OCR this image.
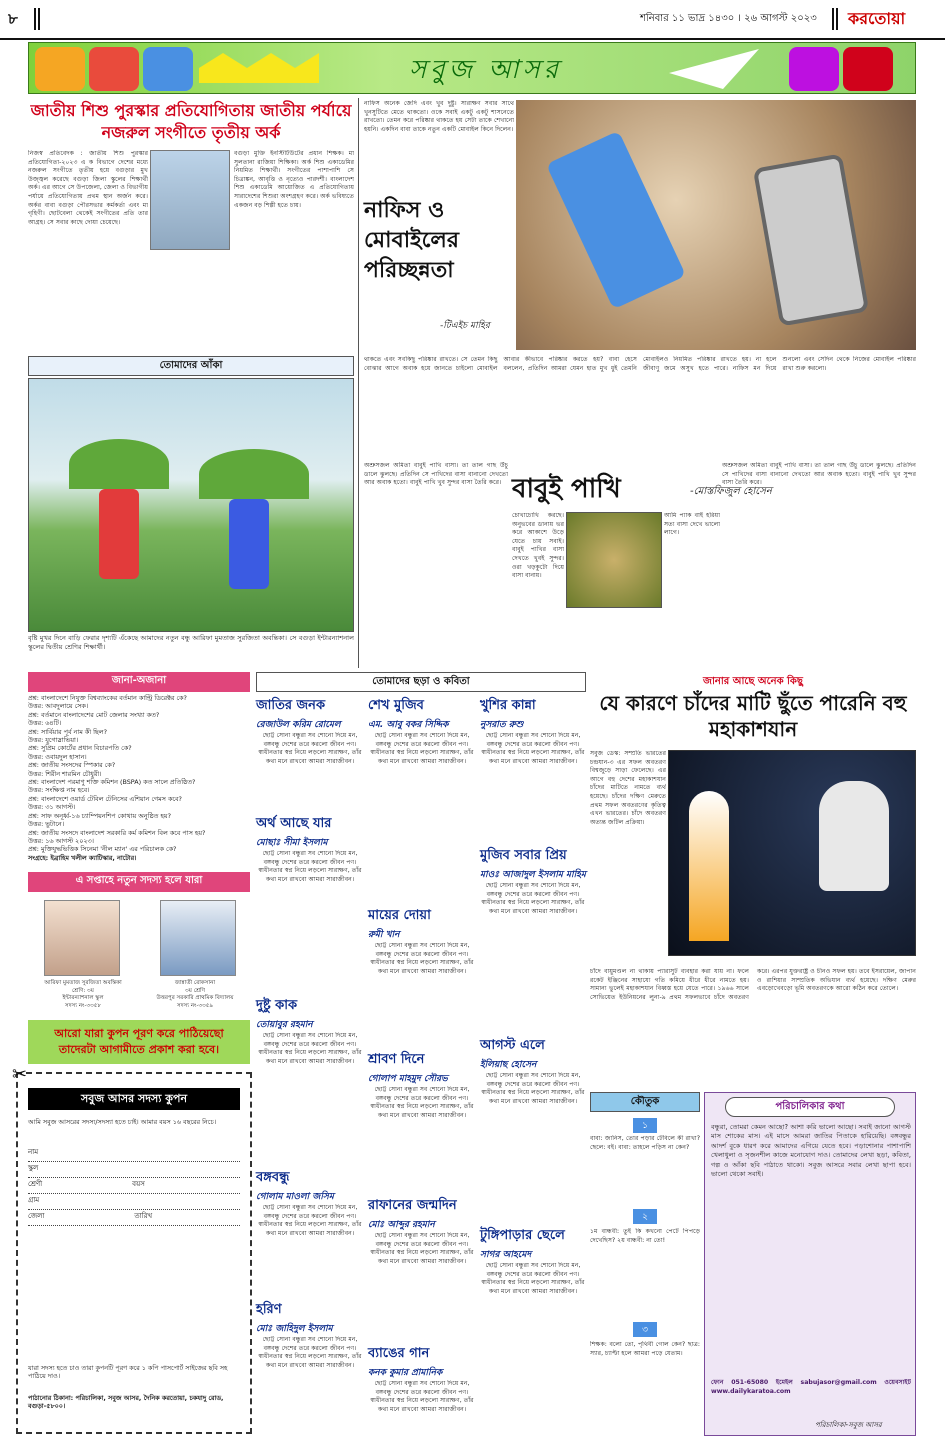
৮	শনিবার ১১ ভাদ্র ১৪৩০ । ২৬ আগস্ট ২০২৩ করতোয়া
সবুজ আসর
জাতীয় শিশু পুরস্কার প্রতিযোগিতায় জাতীয় পর্যায়ে নজরুল সংগীতে তৃতীয় অর্ক
নিজস্ব প্রতিবেদক : জাতীয় শিশু পুরস্কার প্রতিযোগিতা-২০২৩ এ ক বিভাগে দেশের মধ্যে নজরুল সংগীতে তৃতীয় হয়ে বগুড়ার মুখ উজ্জ্বল করেছে বগুড়া জিলা স্কুলের শিক্ষার্থী অর্ক। এর আগে সে উপজেলা, জেলা ও বিভাগীয় পর্যায়ে প্রতিযোগিতায় প্রথম স্থান অর্জন করে। অর্কর বাবা বগুড়া পৌরসভার কর্মকর্তা এবং মা গৃহিণী। ছোটবেলা থেকেই সংগীতের প্রতি তার আগ্রহ। সে সবার কাছে দোয়া চেয়েছে।
বগুড়া মুক্তি ইনস্টিটিউটের প্রধান শিক্ষক। মা সুলতানা রাজিয়া শিক্ষিকা। অর্ক শিশু একাডেমির নিয়মিত শিক্ষার্থী। সংগীতের পাশাপাশি সে চিত্রাঙ্কন, আবৃত্তি ও নৃত্যেও পারদর্শী। বাংলাদেশ শিশু একাডেমি আয়োজিত এ প্রতিযোগিতায় সারাদেশের শিশুরা অংশগ্রহণ করে। অর্ক ভবিষ্যতে একজন বড় শিল্পী হতে চায়।
নাফিস অনেক জেদি এবং খুব দুষ্টু। সারাক্ষণ সবার সাথে খুনসুটিতে মেতে থাকতো। ওকে সবাই একটু একটু শাসনেতে রাখতো। তেমন করে পরিষ্কার থাকতে হয় সেটা তাকে শেখানো হয়নি। একদিন বাবা তাকে নতুন একটি মোবাইল কিনে দিলেন।
নাফিস ও মোবাইলের পরিচ্ছন্নতা
-টিএইচ মাহির
থাকতে এবং সবকিছু পরিষ্কার রাখতে। সে তেমন কিছু বোঝার আগে অবাক হয়ে জানতে চাইলো মোবাইল আবার কীভাবে পরিষ্কার করতে হয়? বাবা হেসে বললেন, প্রতিদিন আমরা যেমন হাত মুখ ধুই তেমনি মোবাইলও নিয়মিত পরিষ্কার রাখতে হয়। না হলে জীবাণু জমে অসুখ হতে পারে। নাফিস মন দিয়ে শুনলো এবং সেদিন থেকে নিজের মোবাইল পরিষ্কার রাখা শুরু করলো।
তোমাদের আঁকা
বৃষ্টি মুখর দিনে বাড়ি ফেরার দৃশ্যটি এঁকেছে আমাদের নতুন বন্ধু আরিফা মুমতাজ সুরজিতা অবন্তিকা। সে বগুড়া ইন্টারন্যাশনাল স্কুলের দ্বিতীয় শ্রেণির শিক্ষার্থী।
অশ্রুসজল অমিতা বাবুই পাখি বাসা। তা তাল গাছ উঁচু ডালে ঝুলছে। প্রতিদিন সে পাখিদের বাসা বানানো দেখতো আর অবাক হতো। বাবুই পাখি খুব সুন্দর বাসা তৈরি করে। বাবুই পাখি	-মোস্তফিজুল হোসেন
চোখাচোখি করছে। অনুভবের ডানায় ভর করে আকাশে উড়ে যেতে চায় সবাই। বাবুই পাখির বাসা দেখতে খুবই সুন্দর। ওরা খড়কুটো দিয়ে বাসা বানায়।
আমি প্যাক বাই হরিয়া সত্য বাসা দেখে ভালো লাগে।
অশ্রুসজল অমিতা বাবুই পাখি বাসা। তা তাল গাছ উঁচু ডালে ঝুলছে। প্রতিদিন সে পাখিদের বাসা বানানো দেখতো আর অবাক হতো। বাবুই পাখি খুব সুন্দর বাসা তৈরি করে।
জানা-অজানা
প্রশ্ন: বাংলাদেশে নিযুক্ত বিশ্বব্যাংকের বর্তমান কান্ট্রি ডিরেক্টর কে?
উত্তর: আবদুলায়ে সেক।
প্রশ্ন: বর্তমানে বাংলাদেশের মোট জেলার সংখ্যা কত?
উত্তর: ৬৪টি।
প্রশ্ন: সার্বিয়ার পূর্ব নাম কী ছিল?
উত্তর: যুগোস্লাভিয়া।
প্রশ্ন: সুপ্রিম কোর্টের প্রধান বিচারপতি কে?
উত্তর: ওবায়দুল হাসান।
প্রশ্ন: জাতীয় সংসদের স্পিকার কে?
উত্তর: শিরীন শারমিন চৌধুরী।
প্রশ্ন: বাংলাদেশ পরমাণু শক্তি কমিশন (BSPA) কত সালে প্রতিষ্ঠিত?
উত্তর: সংক্ষিপ্ত নাম হবে।
প্রশ্ন: বাংলাদেশে ওয়ার্ড টেবিল টেনিসের এশিয়ান গেমস কবে?
উত্তর: ৩১ আগস্ট।
প্রশ্ন: সাফ অনূর্ধ্ব-১৬ চ্যাম্পিয়নশিপ কোথায় অনুষ্ঠিত হয়?
উত্তর: ভুটানে।
প্রশ্ন: জাতীয় সংসদে বাংলাদেশ সরকারি কর্ম কমিশন বিল কবে পাস হয়?
উত্তর: ১৬ আগস্ট ২০২৩।
প্রশ্ন: মুক্তিযুদ্ধভিত্তিক সিনেমা 'নীল ম্যান' এর পরিচালক কে?
সংগ্রহে: ইব্রাহিম খলীল ক্যাটিস্কার, নাটোর।
এ সপ্তাহে নতুন সদস্য হলে যারা
আরিফা মুমতাজ সুরজিতা অবন্তিকা
শ্রেণি: ৩য়
ইন্টারন্যাশনাল স্কুল
সদস্য নং-৩৩৫৮
জান্নাতী রোকসানা
৩য় শ্রেণি
উত্তরপুর সরকারি প্রাথমিক বিদ্যালয়
সদস্য নং-৩৩৫৯
আরো যারা কুপন পূরণ করে পাঠিয়েছো তাদেরটা আগামীতে প্রকাশ করা হবে।
✂
সবুজ আসর সদস্য কুপন
আমি সবুজ আসরের সদস্য/সদস্যা হতে চাই। আমার বয়স ১৬ বছরের নিচে।
নাম
স্কুল
শ্রেণী	বয়স
গ্রাম
জেলা	তারিখ
যারা সদস্য হতে চাও তারা কুপনটি পূরণ করে ১ কপি পাসপোর্ট সাইজের ছবি সহ পাঠিয়ে দাও।
পাঠানোর ঠিকানা: পরিচালিকা, সবুজ আসর, দৈনিক করতোয়া, চকযাদু রোড, বগুড়া-৫৮০০।
তোমাদের ছড়া ও কবিতা
জাতির জনক
রেজাউল করিম রোমেল
ছোট্ট সোনা বন্ধুরা সব শোনো দিয়ে মন, বঙ্গবন্ধু দেশের তরে করলো জীবন পণ। স্বাধীনতার স্বপ্ন নিয়ে লড়লো সারাক্ষণ, তাঁর কথা মনে রাখবো আমরা সারাজীবন।
শেখ মুজিব
এম. আবু বকর সিদ্দিক
ছোট্ট সোনা বন্ধুরা সব শোনো দিয়ে মন, বঙ্গবন্ধু দেশের তরে করলো জীবন পণ। স্বাধীনতার স্বপ্ন নিয়ে লড়লো সারাক্ষণ, তাঁর কথা মনে রাখবো আমরা সারাজীবন।
খুশির কান্না
নুসরাত রুশু
ছোট্ট সোনা বন্ধুরা সব শোনো দিয়ে মন, বঙ্গবন্ধু দেশের তরে করলো জীবন পণ। স্বাধীনতার স্বপ্ন নিয়ে লড়লো সারাক্ষণ, তাঁর কথা মনে রাখবো আমরা সারাজীবন।
অর্থ আছে যার
মোছাঃ সীমা ইসলাম
ছোট্ট সোনা বন্ধুরা সব শোনো দিয়ে মন, বঙ্গবন্ধু দেশের তরে করলো জীবন পণ। স্বাধীনতার স্বপ্ন নিয়ে লড়লো সারাক্ষণ, তাঁর কথা মনে রাখবো আমরা সারাজীবন।
মায়ের দোয়া
রুমী খান
ছোট্ট সোনা বন্ধুরা সব শোনো দিয়ে মন, বঙ্গবন্ধু দেশের তরে করলো জীবন পণ। স্বাধীনতার স্বপ্ন নিয়ে লড়লো সারাক্ষণ, তাঁর কথা মনে রাখবো আমরা সারাজীবন।
মুজিব সবার প্রিয়
মাওঃ আজাদুল ইসলাম মাহিম
ছোট্ট সোনা বন্ধুরা সব শোনো দিয়ে মন, বঙ্গবন্ধু দেশের তরে করলো জীবন পণ। স্বাধীনতার স্বপ্ন নিয়ে লড়লো সারাক্ষণ, তাঁর কথা মনে রাখবো আমরা সারাজীবন।
দুষ্টু কাক
তোয়াবুর রহমান
ছোট্ট সোনা বন্ধুরা সব শোনো দিয়ে মন, বঙ্গবন্ধু দেশের তরে করলো জীবন পণ। স্বাধীনতার স্বপ্ন নিয়ে লড়লো সারাক্ষণ, তাঁর কথা মনে রাখবো আমরা সারাজীবন।	শ্রাবণ দিনে
গোলাপ মাহমুদ সৌরভ
ছোট্ট সোনা বন্ধুরা সব শোনো দিয়ে মন, বঙ্গবন্ধু দেশের তরে করলো জীবন পণ। স্বাধীনতার স্বপ্ন নিয়ে লড়লো সারাক্ষণ, তাঁর কথা মনে রাখবো আমরা সারাজীবন।
আগস্ট এলে
ইলিয়াছ হোসেন
ছোট্ট সোনা বন্ধুরা সব শোনো দিয়ে মন, বঙ্গবন্ধু দেশের তরে করলো জীবন পণ। স্বাধীনতার স্বপ্ন নিয়ে লড়লো সারাক্ষণ, তাঁর কথা মনে রাখবো আমরা সারাজীবন।
বঙ্গবন্ধু
গোলাম মাওলা জসিম
ছোট্ট সোনা বন্ধুরা সব শোনো দিয়ে মন, বঙ্গবন্ধু দেশের তরে করলো জীবন পণ। স্বাধীনতার স্বপ্ন নিয়ে লড়লো সারাক্ষণ, তাঁর কথা মনে রাখবো আমরা সারাজীবন।
রাফানের জন্মদিন
মোঃ আব্দুর রহমান
ছোট্ট সোনা বন্ধুরা সব শোনো দিয়ে মন, বঙ্গবন্ধু দেশের তরে করলো জীবন পণ। স্বাধীনতার স্বপ্ন নিয়ে লড়লো সারাক্ষণ, তাঁর কথা মনে রাখবো আমরা সারাজীবন।
টুঙ্গিপাড়ার ছেলে
সাগর আহমেদ
ছোট্ট সোনা বন্ধুরা সব শোনো দিয়ে মন, বঙ্গবন্ধু দেশের তরে করলো জীবন পণ। স্বাধীনতার স্বপ্ন নিয়ে লড়লো সারাক্ষণ, তাঁর কথা মনে রাখবো আমরা সারাজীবন।
হরিণ
মোঃ জাহিদুল ইসলাম
ছোট্ট সোনা বন্ধুরা সব শোনো দিয়ে মন, বঙ্গবন্ধু দেশের তরে করলো জীবন পণ। স্বাধীনতার স্বপ্ন নিয়ে লড়লো সারাক্ষণ, তাঁর কথা মনে রাখবো আমরা সারাজীবন।
ব্যাঙের গান
কনক কুমার প্রামানিক
ছোট্ট সোনা বন্ধুরা সব শোনো দিয়ে মন, বঙ্গবন্ধু দেশের তরে করলো জীবন পণ। স্বাধীনতার স্বপ্ন নিয়ে লড়লো সারাক্ষণ, তাঁর কথা মনে রাখবো আমরা সারাজীবন।
জানার আছে অনেক কিছু
যে কারণে চাঁদের মাটি ছুঁতে পারেনি বহু মহাকাশযান
সবুজ ডেস্ক: সম্প্রতি ভারতের চন্দ্রযান-৩ এর সফল অবতরণ বিশ্বজুড়ে সাড়া ফেলেছে। এর আগে বহু দেশের মহাকাশযান চাঁদের মাটিতে নামতে ব্যর্থ হয়েছে। চাঁদের দক্ষিণ মেরুতে প্রথম সফল অবতরণের কৃতিত্ব এখন ভারতের। চাঁদে অবতরণ অত্যন্ত জটিল প্রক্রিয়া।
চাঁদে বায়ুমণ্ডল না থাকায় প্যারাসুট ব্যবহার করা যায় না। ফলে রকেট ইঞ্জিনের সাহায্যে গতি কমিয়ে ধীরে ধীরে নামতে হয়। সামান্য ভুলেই মহাকাশযান বিধ্বস্ত হয়ে যেতে পারে। ১৯৬৬ সালে সোভিয়েত ইউনিয়নের লুনা-৯ প্রথম সফলভাবে চাঁদে অবতরণ করে। এরপর যুক্তরাষ্ট্র ও চীনও সফল হয়। তবে ইসরায়েল, জাপান ও রাশিয়ার সাম্প্রতিক অভিযান ব্যর্থ হয়েছে। দক্ষিণ মেরুর এবড়োখেবড়ো ভূমি অবতরণকে আরো কঠিন করে তোলে।
কৌতুক
১
বাবা: জানিস, তোর পড়ার টেবিলে কী রাখা? ছেলে: বই। বাবা: তাহলে পড়িস না কেন?
২
১ম বান্ধবী: তুই কি কখনো পেটে পিঁপড়ে দেখেছিস? ২য় বান্ধবী: না তো!
৩
শিক্ষক: বলো তো, পৃথিবী গোল কেন? ছাত্র: স্যার, চ্যাপ্টা হলে আমরা পড়ে যেতাম।
পরিচালিকার কথা
বন্ধুরা, তোমরা কেমন আছো? আশা করি ভালো আছো। সবাই জানো আগস্ট মাস শোকের মাস। এই মাসে আমরা জাতির পিতাকে হারিয়েছি। বঙ্গবন্ধুর আদর্শ বুকে ধারণ করে আমাদের এগিয়ে যেতে হবে। পড়াশোনার পাশাপাশি খেলাধুলা ও সৃজনশীল কাজে মনোযোগ দাও। তোমাদের লেখা ছড়া, কবিতা, গল্প ও আঁকা ছবি পাঠাতে থাকো। সবুজ আসরে সবার লেখা ছাপা হবে। ভালো থেকো সবাই।
ফোন 051-65080 ইমেইল sabujasor@gmail.com ওয়েবসাইট www.dailykaratoa.com
পরিচালিকা-সবুজ আসর
